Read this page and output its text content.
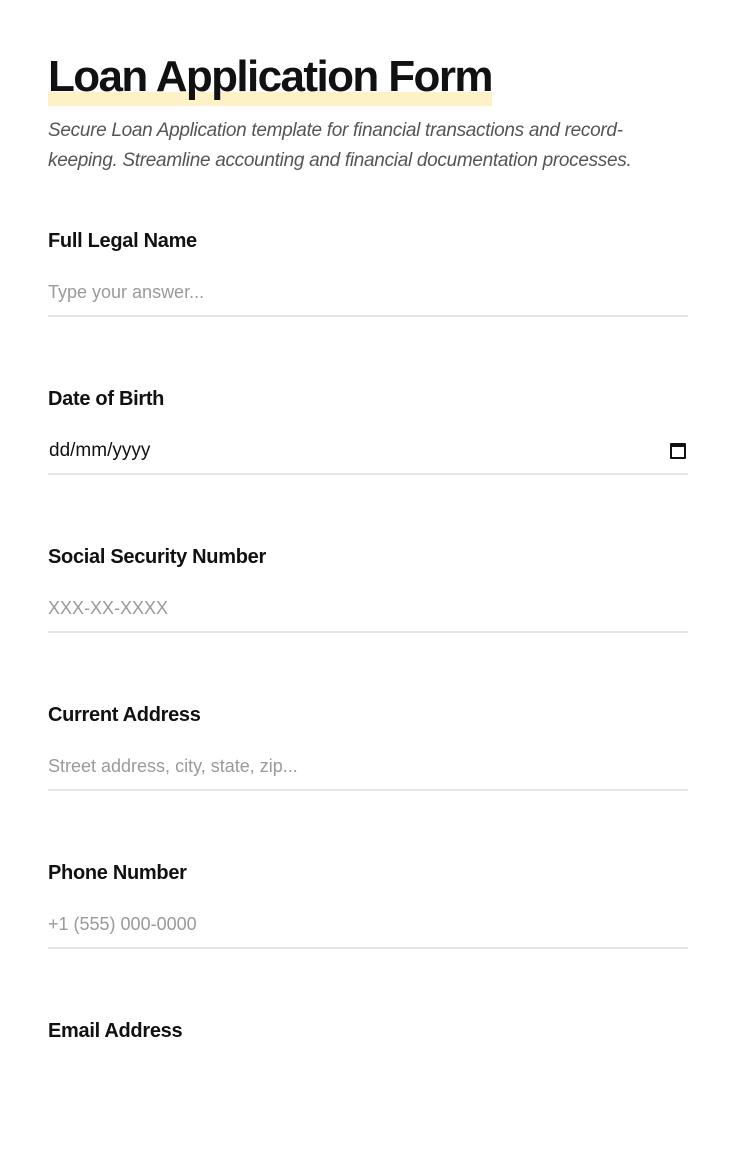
Loan Application Form

Secure Loan Application template for financial transactions and record-keeping. Streamline accounting and financial documentation processes.

Full Legal Name
Type your answer...
Date of Birth
dd/mm/yyyy
Social Security Number
XXX-XX-XXXX
Current Address
Street address, city, state, zip...
Phone Number
+1 (555) 000-0000
Email Address
